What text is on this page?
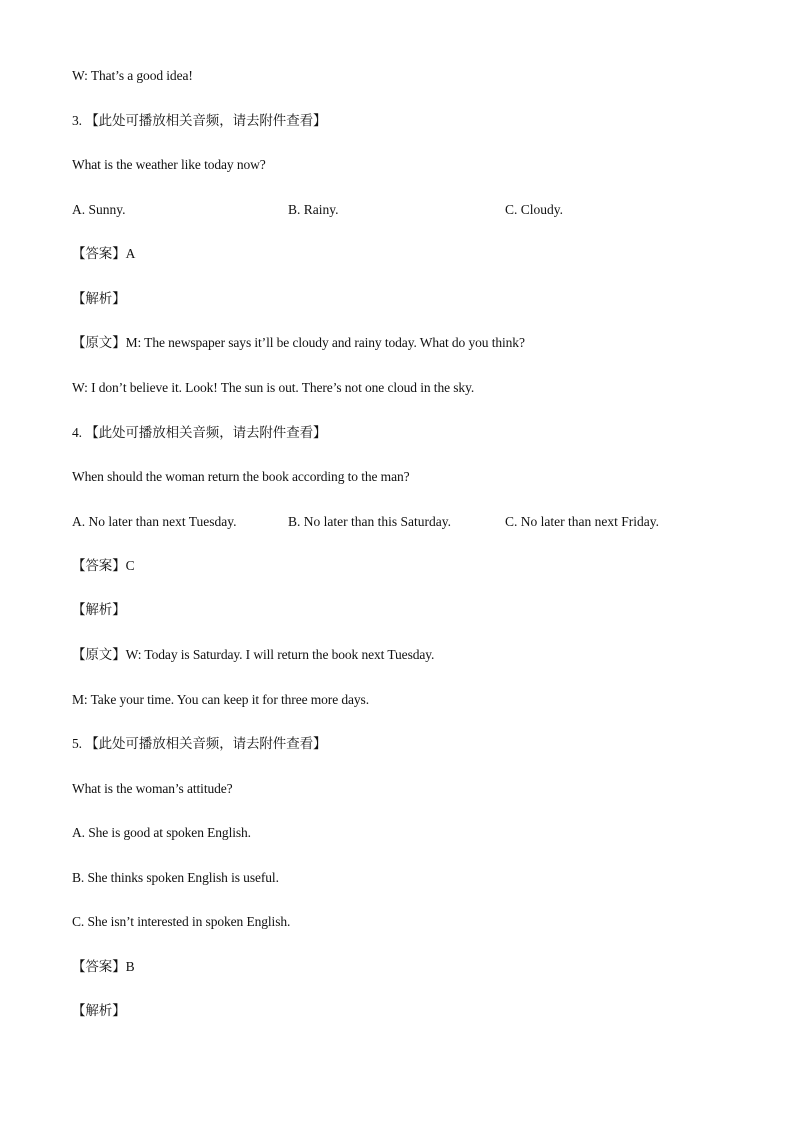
W: That’s a good idea!
3. 【此处可播放相关音频，请去附件查看】
What is the weather like today now?
A. Sunny.	B. Rainy.	C. Cloudy.
【答案】A
【解析】
【原文】M: The newspaper says it’ll be cloudy and rainy today. What do you think?
W: I don’t believe it. Look! The sun is out. There’s not one cloud in the sky.
4. 【此处可播放相关音频，请去附件查看】
When should the woman return the book according to the man?
A. No later than next Tuesday.	B. No later than this Saturday.	C. No later than next Friday.
【答案】C
【解析】
【原文】W: Today is Saturday. I will return the book next Tuesday.
M: Take your time. You can keep it for three more days.
5. 【此处可播放相关音频，请去附件查看】
What is the woman’s attitude?
A. She is good at spoken English.
B. She thinks spoken English is useful.
C. She isn’t interested in spoken English.
【答案】B
【解析】
